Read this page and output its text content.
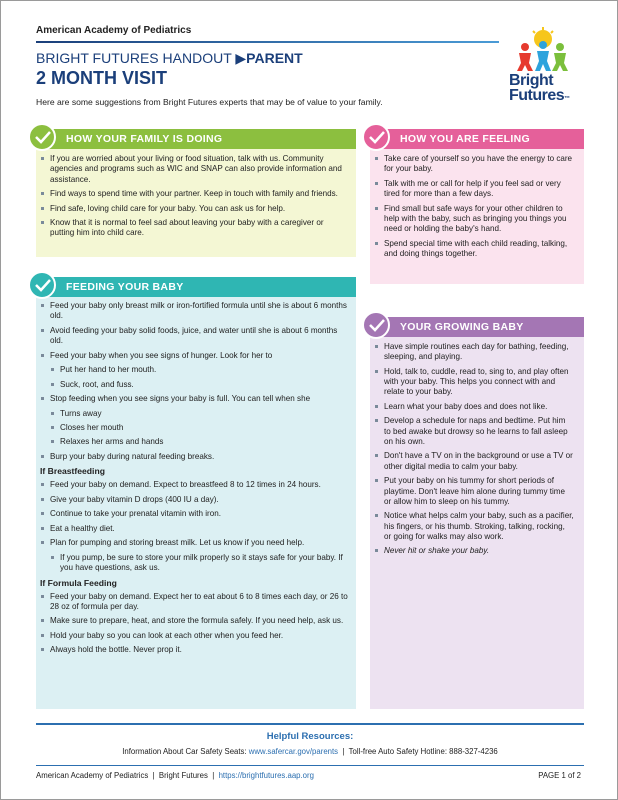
American Academy of Pediatrics
BRIGHT FUTURES HANDOUT ▶PARENT
2 MONTH VISIT
Here are some suggestions from Bright Futures experts that may be of value to your family.
Bright
Futures™
HOW YOUR FAMILY IS DOING
If you are worried about your living or food situation, talk with us. Community agencies and programs such as WIC and SNAP can also provide information and assistance.
Find ways to spend time with your partner. Keep in touch with family and friends.
Find safe, loving child care for your baby. You can ask us for help.
Know that it is normal to feel sad about leaving your baby with a caregiver or putting him into child care.
HOW YOU ARE FEELING
Take care of yourself so you have the energy to care for your baby.
Talk with me or call for help if you feel sad or very tired for more than a few days.
Find small but safe ways for your other children to help with the baby, such as bringing you things you need or holding the baby's hand.
Spend special time with each child reading, talking, and doing things together.
FEEDING YOUR BABY
Feed your baby only breast milk or iron-fortified formula until she is about 6 months old.
Avoid feeding your baby solid foods, juice, and water until she is about 6 months old.
Feed your baby when you see signs of hunger. Look for her to
Put her hand to her mouth.
Suck, root, and fuss.
Stop feeding when you see signs your baby is full. You can tell when she
Turns away
Closes her mouth
Relaxes her arms and hands
Burp your baby during natural feeding breaks.
If Breastfeeding
Feed your baby on demand. Expect to breastfeed 8 to 12 times in 24 hours.
Give your baby vitamin D drops (400 IU a day).
Continue to take your prenatal vitamin with iron.
Eat a healthy diet.
Plan for pumping and storing breast milk. Let us know if you need help.
If you pump, be sure to store your milk properly so it stays safe for your baby. If you have questions, ask us.
If Formula Feeding
Feed your baby on demand. Expect her to eat about 6 to 8 times each day, or 26 to 28 oz of formula per day.
Make sure to prepare, heat, and store the formula safely. If you need help, ask us.
Hold your baby so you can look at each other when you feed her.
Always hold the bottle. Never prop it.
YOUR GROWING BABY
Have simple routines each day for bathing, feeding, sleeping, and playing.
Hold, talk to, cuddle, read to, sing to, and play often with your baby. This helps you connect with and relate to your baby.
Learn what your baby does and does not like.
Develop a schedule for naps and bedtime. Put him to bed awake but drowsy so he learns to fall asleep on his own.
Don't have a TV on in the background or use a TV or other digital media to calm your baby.
Put your baby on his tummy for short periods of playtime. Don't leave him alone during tummy time or allow him to sleep on his tummy.
Notice what helps calm your baby, such as a pacifier, his fingers, or his thumb. Stroking, talking, rocking, or going for walks may also work.
Never hit or shake your baby.
Helpful Resources:
Information About Car Safety Seats: www.safercar.gov/parents  |  Toll-free Auto Safety Hotline: 888-327-4236
American Academy of Pediatrics  |  Bright Futures  |  https://brightfutures.aap.org	PAGE 1 of 2
